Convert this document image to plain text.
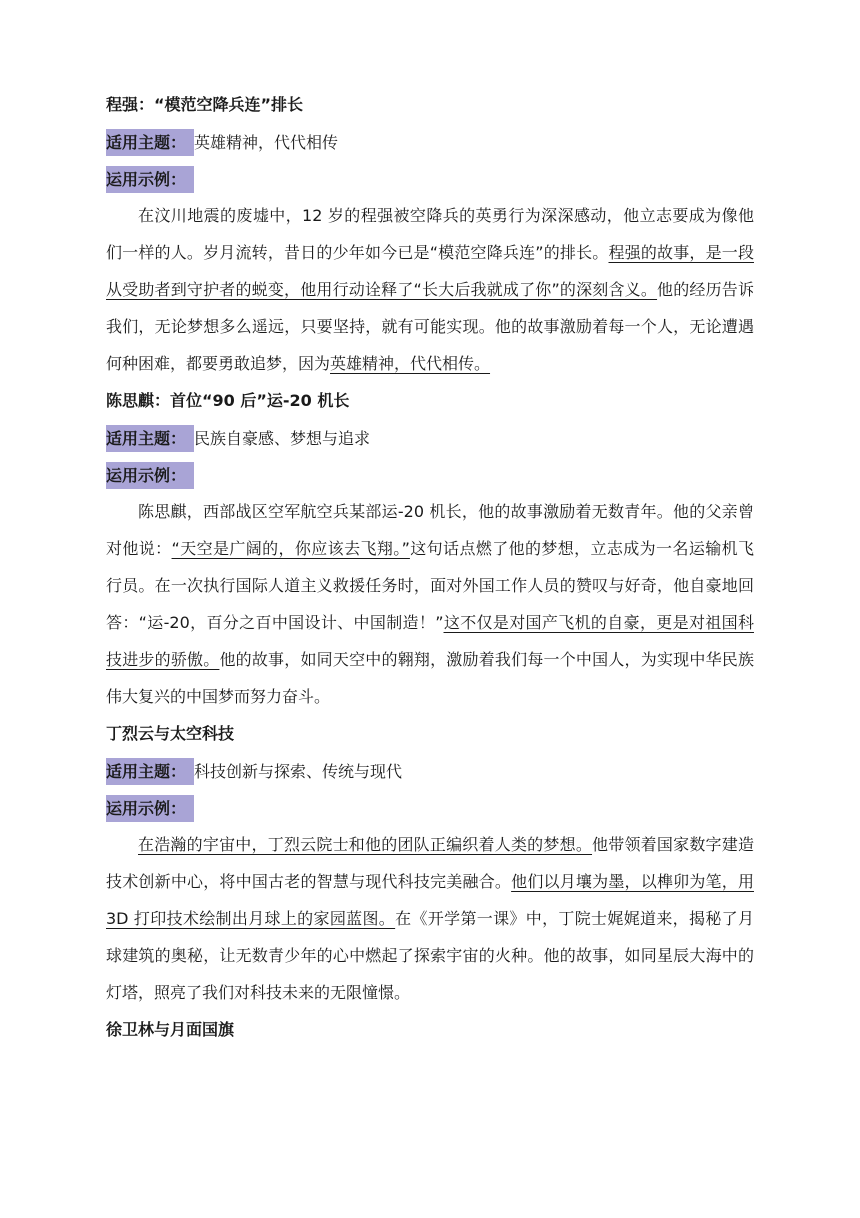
程强：“模范空降兵连”排长
适用主题： 英雄精神，代代相传
运用示例：

在汶川地震的废墟中，12 岁的程强被空降兵的英勇行为深深感动，他立志要成为像他们一样的人。岁月流转，昔日的少年如今已是“模范空降兵连”的排长。程强的故事，是一段从受助者到守护者的蜕变，他用行动诠释了“长大后我就成了你”的深刻含义。他的经历告诉我们，无论梦想多么遥远，只要坚持，就有可能实现。他的故事激励着每一个人，无论遭遇何种困难，都要勇敢追梦，因为英雄精神，代代相传。

陈思麒：首位“90 后”运-20 机长
适用主题： 民族自豪感、梦想与追求
运用示例：

陈思麒，西部战区空军航空兵某部运-20 机长，他的故事激励着无数青年。他的父亲曾对他说：“天空是广阔的，你应该去飞翔。”这句话点燃了他的梦想，立志成为一名运输机飞行员。在一次执行国际人道主义救援任务时，面对外国工作人员的赞叹与好奇，他自豪地回答：“运-20，百分之百中国设计、中国制造！”这不仅是对国产飞机的自豪，更是对祖国科技进步的骄傲。他的故事，如同天空中的翱翔，激励着我们每一个中国人，为实现中华民族伟大复兴的中国梦而努力奋斗。

丁烈云与太空科技
适用主题： 科技创新与探索、传统与现代
运用示例：

在浩瀚的宇宙中，丁烈云院士和他的团队正编织着人类的梦想。他带领着国家数字建造技术创新中心，将中国古老的智慧与现代科技完美融合。他们以月壤为墨，以榫卯为笔，用 3D 打印技术绘制出月球上的家园蓝图。在《开学第一课》中，丁院士娓娓道来，揭秘了月球建筑的奥秘，让无数青少年的心中燃起了探索宇宙的火种。他的故事，如同星辰大海中的灯塔，照亮了我们对科技未来的无限憧憬。

徐卫林与月面国旗
